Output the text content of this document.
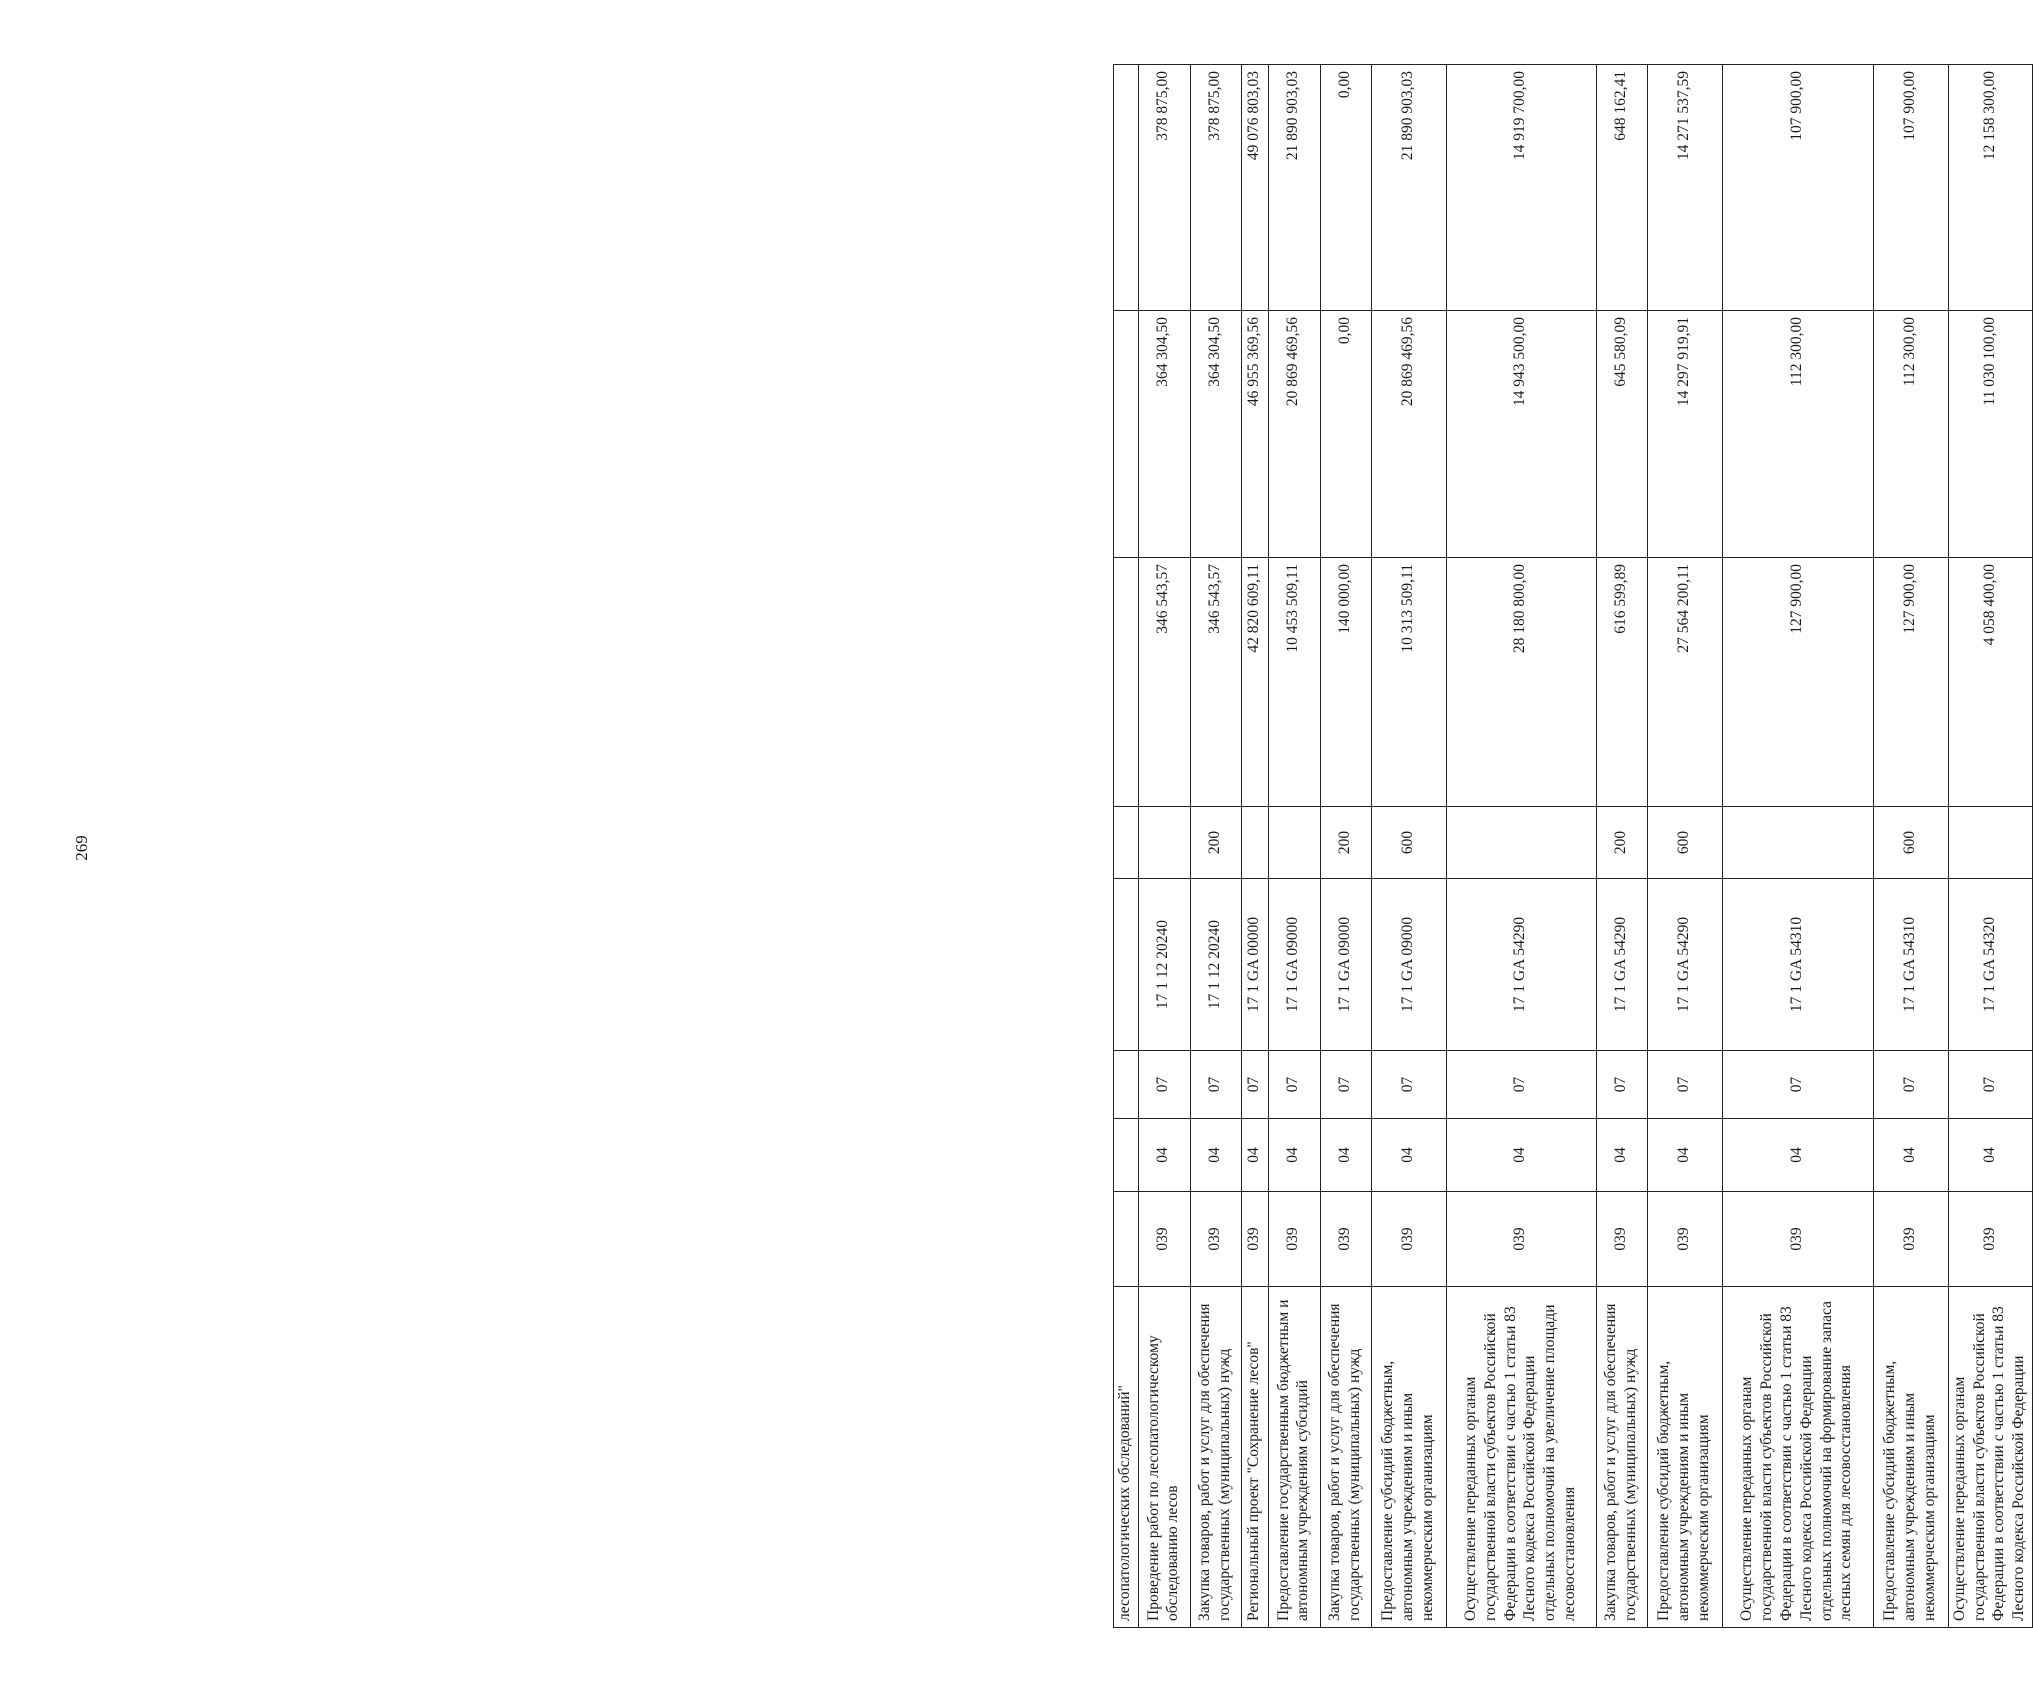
269
лесопатологических обследований"								
Проведение работ по лесопатологическому обследованию лесов	039	04	07	17 1 12 20240		346 543,57	364 304,50	378 875,00
Закупка товаров, работ и услуг для обеспечения государственных (муниципальных) нужд	039	04	07	17 1 12 20240	200	346 543,57	364 304,50	378 875,00
Региональный проект "Сохранение лесов"	039	04	07	17 1 GA 00000		42 820 609,11	46 955 369,56	49 076 803,03
Предоставление государственным бюджетным и автономным учреждениям субсидий	039	04	07	17 1 GA 09000		10 453 509,11	20 869 469,56	21 890 903,03
Закупка товаров, работ и услуг для обеспечения государственных (муниципальных) нужд	039	04	07	17 1 GA 09000	200	140 000,00	0,00	0,00
Предоставление субсидий бюджетным, автономным учреждениям и иным некоммерческим организациям	039	04	07	17 1 GA 09000	600	10 313 509,11	20 869 469,56	21 890 903,03
Осуществление переданных органам государственной власти субъектов Российской Федерации в соответствии с частью 1 статьи 83 Лесного кодекса Российской Федерации отдельных полномочий на увеличение площади лесовосстановления	039	04	07	17 1 GA 54290		28 180 800,00	14 943 500,00	14 919 700,00
Закупка товаров, работ и услуг для обеспечения государственных (муниципальных) нужд	039	04	07	17 1 GA 54290	200	616 599,89	645 580,09	648 162,41
Предоставление субсидий бюджетным, автономным учреждениям и иным некоммерческим организациям	039	04	07	17 1 GA 54290	600	27 564 200,11	14 297 919,91	14 271 537,59
Осуществление переданных органам государственной власти субъектов Российской Федерации в соответствии с частью 1 статьи 83 Лесного кодекса Российской Федерации отдельных полномочий на формирование запаса лесных семян для лесовосстановления	039	04	07	17 1 GA 54310		127 900,00	112 300,00	107 900,00
Предоставление субсидий бюджетным, автономным учреждениям и иным некоммерческим организациям	039	04	07	17 1 GA 54310	600	127 900,00	112 300,00	107 900,00
Осуществление переданных органам государственной власти субъектов Российской Федерации в соответствии с частью 1 статьи 83 Лесного кодекса Российской Федерации	039	04	07	17 1 GA 54320		4 058 400,00	11 030 100,00	12 158 300,00
